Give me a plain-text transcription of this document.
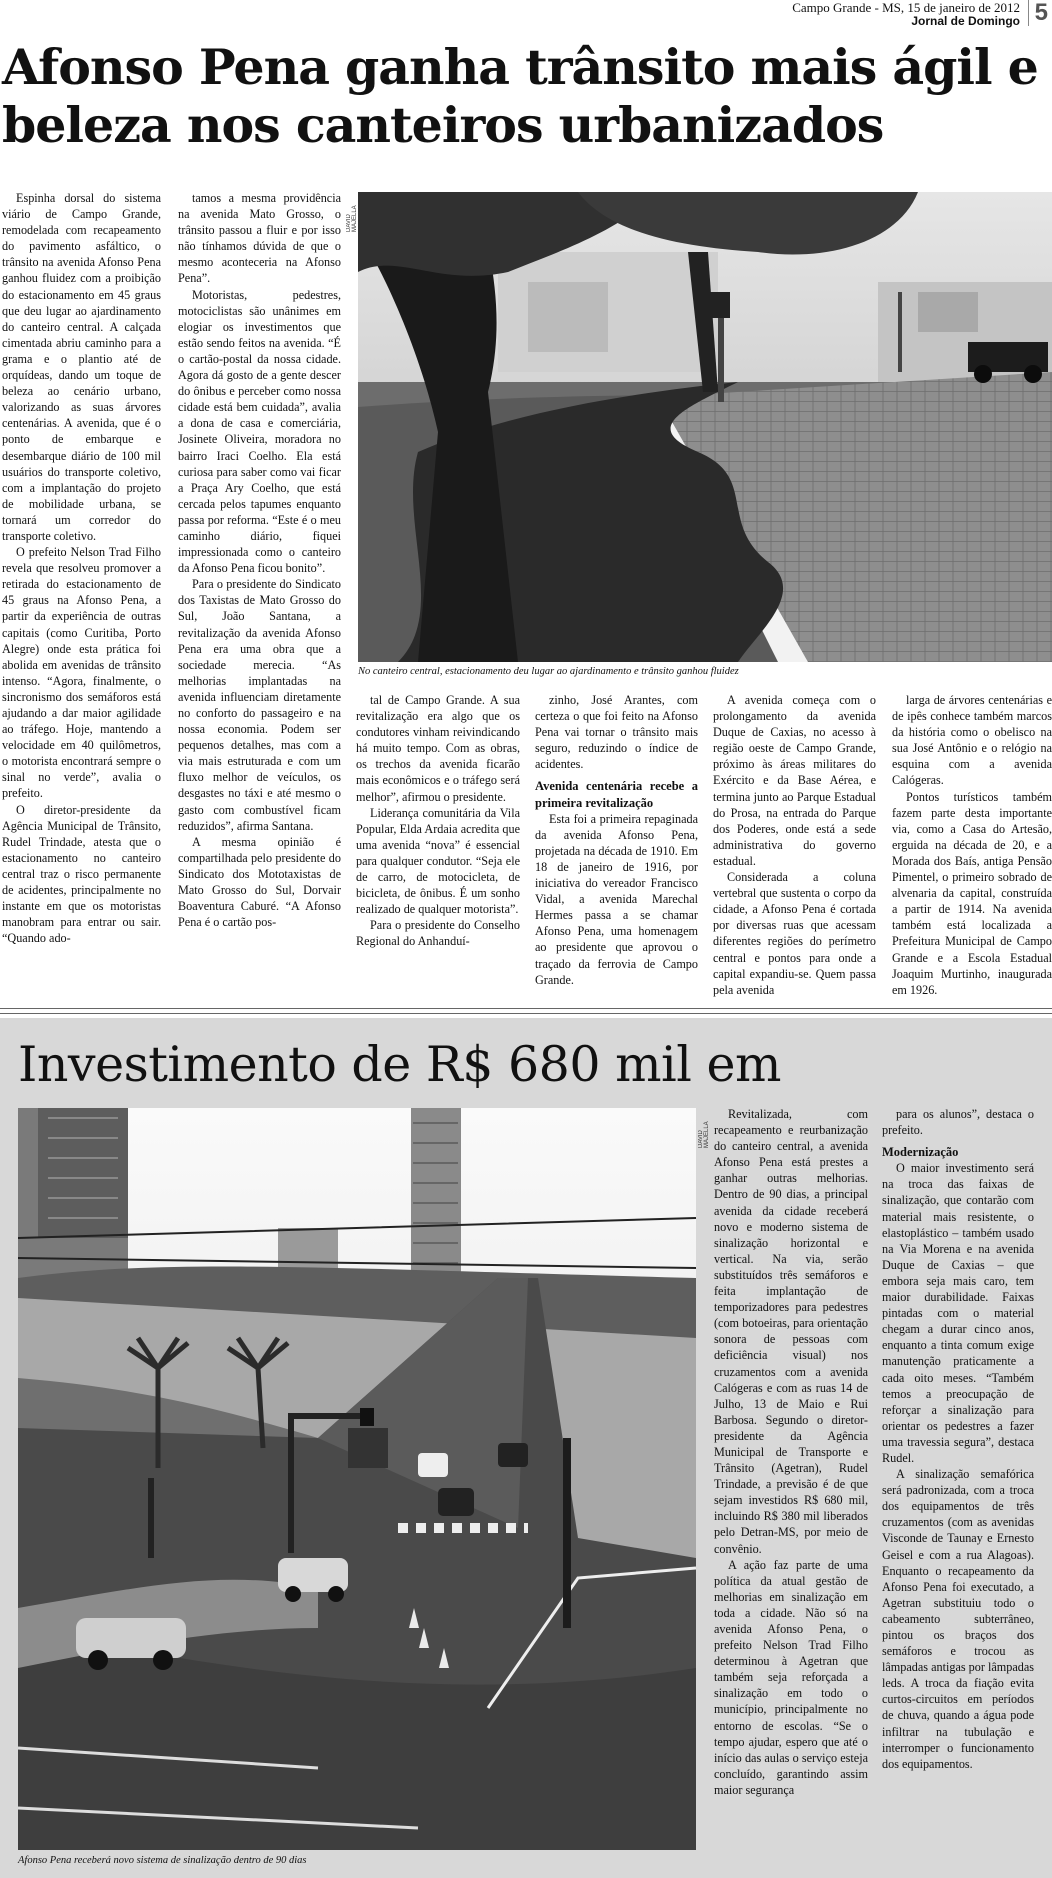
Campo Grande - MS, 15 de janeiro de 2012
Jornal de Domingo 5
Afonso Pena ganha trânsito mais ágil e
beleza nos canteiros urbanizados

Espinha dorsal do sistema viário de Campo Grande, remodelada com recapeamento do pavimento asfáltico, o trânsito na avenida Afonso Pena ganhou fluidez com a proibição do estacionamento em 45 graus que deu lugar ao ajardinamento do canteiro central. A calçada cimentada abriu caminho para a grama e o plantio até de orquídeas, dando um toque de beleza ao cenário urbano, valorizando as suas árvores centenárias. A avenida, que é o ponto de embarque e desembarque diário de 100 mil usuários do transporte coletivo, com a implantação do projeto de mobilidade urbana, se tornará um corredor do transporte coletivo.

O prefeito Nelson Trad Filho revela que resolveu promover a retirada do estacionamento de 45 graus na Afonso Pena, a partir da experiência de outras capitais (como Curitiba, Porto Alegre) onde esta prática foi abolida em avenidas de trânsito intenso. “Agora, finalmente, o sincronismo dos semáforos está ajudando a dar maior agilidade ao tráfego. Hoje, mantendo a velocidade em 40 quilômetros, o motorista encontrará sempre o sinal no verde”, avalia o prefeito.

O diretor-presidente da Agência Municipal de Trânsito, Rudel Trindade, atesta que o estacionamento no canteiro central traz o risco permanente de acidentes, principalmente no instante em que os motoristas manobram para entrar ou sair. “Quando ado-

tamos a mesma providência na avenida Mato Grosso, o trânsito passou a fluir e por isso não tínhamos dúvida de que o mesmo aconteceria na Afonso Pena”.

Motoristas, pedestres, motociclistas são unânimes em elogiar os investimentos que estão sendo feitos na avenida. “É o cartão-postal da nossa cidade. Agora dá gosto de a gente descer do ônibus e perceber como nossa cidade está bem cuidada”, avalia a dona de casa e comerciária, Josinete Oliveira, moradora no bairro Iraci Coelho. Ela está curiosa para saber como vai ficar a Praça Ary Coelho, que está cercada pelos tapumes enquanto passa por reforma. “Este é o meu caminho diário, fiquei impressionada como o canteiro da Afonso Pena ficou bonito”.

Para o presidente do Sindicato dos Taxistas de Mato Grosso do Sul, João Santana, a revitalização da avenida Afonso Pena era uma obra que a sociedade merecia. “As melhorias implantadas na avenida influenciam diretamente no conforto do passageiro e na nossa economia. Podem ser pequenos detalhes, mas com a via mais estruturada e com um fluxo melhor de veículos, os desgastes no táxi e até mesmo o gasto com combustível ficam reduzidos”, afirma Santana.

A mesma opinião é compartilhada pelo presidente do Sindicato dos Mototaxistas de Mato Grosso do Sul, Dorvair Boaventura Caburé. “A Afonso Pena é o cartão pos-

DAVID MAJELLA
No canteiro central, estacionamento deu lugar ao ajardinamento e trânsito ganhou fluidez

tal de Campo Grande. A sua revitalização era algo que os condutores vinham reivindicando há muito tempo. Com as obras, os trechos da avenida ficarão mais econômicos e o tráfego será melhor”, afirmou o presidente.

Liderança comunitária da Vila Popular, Elda Ardaia acredita que uma avenida “nova” é essencial para qualquer condutor. “Seja ele de carro, de motocicleta, de bicicleta, de ônibus. É um sonho realizado de qualquer motorista”.

Para o presidente do Conselho Regional do Anhanduí-

zinho, José Arantes, com certeza o que foi feito na Afonso Pena vai tornar o trânsito mais seguro, reduzindo o índice de acidentes.

Avenida centenária recebe a primeira revitalização

Esta foi a primeira repaginada da avenida Afonso Pena, projetada na década de 1910. Em 18 de janeiro de 1916, por iniciativa do vereador Francisco Vidal, a avenida Marechal Hermes passa a se chamar Afonso Pena, uma homenagem ao presidente que aprovou o traçado da ferrovia de Campo Grande.

A avenida começa com o prolongamento da avenida Duque de Caxias, no acesso à região oeste de Campo Grande, próximo às áreas militares do Exército e da Base Aérea, e termina junto ao Parque Estadual do Prosa, na entrada do Parque dos Poderes, onde está a sede administrativa do governo estadual.

Considerada a coluna vertebral que sustenta o corpo da cidade, a Afonso Pena é cortada por diversas ruas que acessam diferentes regiões do perímetro central e pontos para onde a capital expandiu-se. Quem passa pela avenida

larga de árvores centenárias e de ipês conhece também marcos da história como o obelisco na sua José Antônio e o relógio na esquina com a avenida Calógeras.

Pontos turísticos também fazem parte desta importante via, como a Casa do Artesão, erguida na década de 20, e a Morada dos Baís, antiga Pensão Pimentel, o primeiro sobrado de alvenaria da capital, construída a partir de 1914. Na avenida também está localizada a Prefeitura Municipal de Campo Grande e a Escola Estadual Joaquim Murtinho, inaugurada em 1926.

Investimento de R$ 680 mil em
DAVID MAJELLA
Afonso Pena receberá novo sistema de sinalização dentro de 90 dias

Revitalizada, com recapeamento e reurbanização do canteiro central, a avenida Afonso Pena está prestes a ganhar outras melhorias. Dentro de 90 dias, a principal avenida da cidade receberá novo e moderno sistema de sinalização horizontal e vertical. Na via, serão substituídos três semáforos e feita implantação de temporizadores para pedestres (com botoeiras, para orientação sonora de pessoas com deficiência visual) nos cruzamentos com a avenida Calógeras e com as ruas 14 de Julho, 13 de Maio e Rui Barbosa. Segundo o diretor-presidente da Agência Municipal de Transporte e Trânsito (Agetran), Rudel Trindade, a previsão é de que sejam investidos R$ 680 mil, incluindo R$ 380 mil liberados pelo Detran-MS, por meio de convênio.

A ação faz parte de uma política da atual gestão de melhorias em sinalização em toda a cidade. Não só na avenida Afonso Pena, o prefeito Nelson Trad Filho determinou à Agetran que também seja reforçada a sinalização em todo o município, principalmente no entorno de escolas. “Se o tempo ajudar, espero que até o início das aulas o serviço esteja concluído, garantindo assim maior segurança

para os alunos”, destaca o prefeito.

Modernização

O maior investimento será na troca das faixas de sinalização, que contarão com material mais resistente, o elastoplástico – também usado na Via Morena e na avenida Duque de Caxias – que embora seja mais caro, tem maior durabilidade. Faixas pintadas com o material chegam a durar cinco anos, enquanto a tinta comum exige manutenção praticamente a cada oito meses. “Também temos a preocupação de reforçar a sinalização para orientar os pedestres a fazer uma travessia segura”, destaca Rudel.

A sinalização semafórica será padronizada, com a troca dos equipamentos de três cruzamentos (com as avenidas Visconde de Taunay e Ernesto Geisel e com a rua Alagoas). Enquanto o recapeamento da Afonso Pena foi executado, a Agetran substituiu todo o cabeamento subterrâneo, pintou os braços dos semáforos e trocou as lâmpadas antigas por lâmpadas leds. A troca da fiação evita curtos-circuitos em períodos de chuva, quando a água pode infiltrar na tubulação e interromper o funcionamento dos equipamentos.
